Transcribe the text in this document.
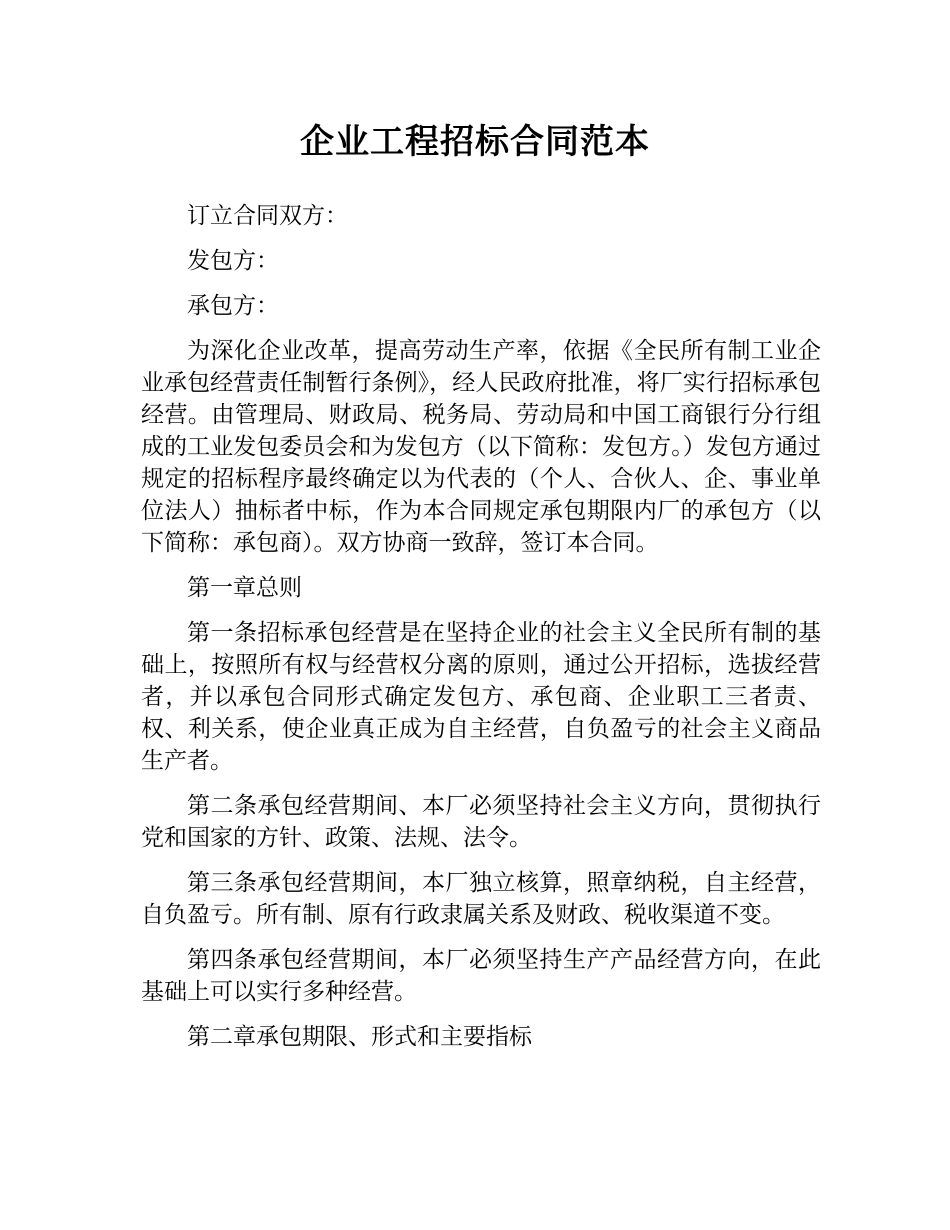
企业工程招标合同范本

订立合同双方：

发包方：

承包方：

为深化企业改革，提高劳动生产率，依据《全民所有制工业企业承包经营责任制暂行条例》，经人民政府批准，将厂实行招标承包经营。由管理局、财政局、税务局、劳动局和中国工商银行分行组成的工业发包委员会和为发包方（以下简称：发包方。）发包方通过规定的招标程序最终确定以为代表的（个人、合伙人、企、事业单位法人）抽标者中标，作为本合同规定承包期限内厂的承包方（以下简称：承包商）。双方协商一致辞，签订本合同。

第一章总则

第一条招标承包经营是在坚持企业的社会主义全民所有制的基础上，按照所有权与经营权分离的原则，通过公开招标，选拔经营者，并以承包合同形式确定发包方、承包商、企业职工三者责、权、利关系，使企业真正成为自主经营，自负盈亏的社会主义商品生产者。

第二条承包经营期间、本厂必须坚持社会主义方向，贯彻执行党和国家的方针、政策、法规、法令。

第三条承包经营期间，本厂独立核算，照章纳税，自主经营，自负盈亏。所有制、原有行政隶属关系及财政、税收渠道不变。

第四条承包经营期间，本厂必须坚持生产产品经营方向，在此基础上可以实行多种经营。

第二章承包期限、形式和主要指标
